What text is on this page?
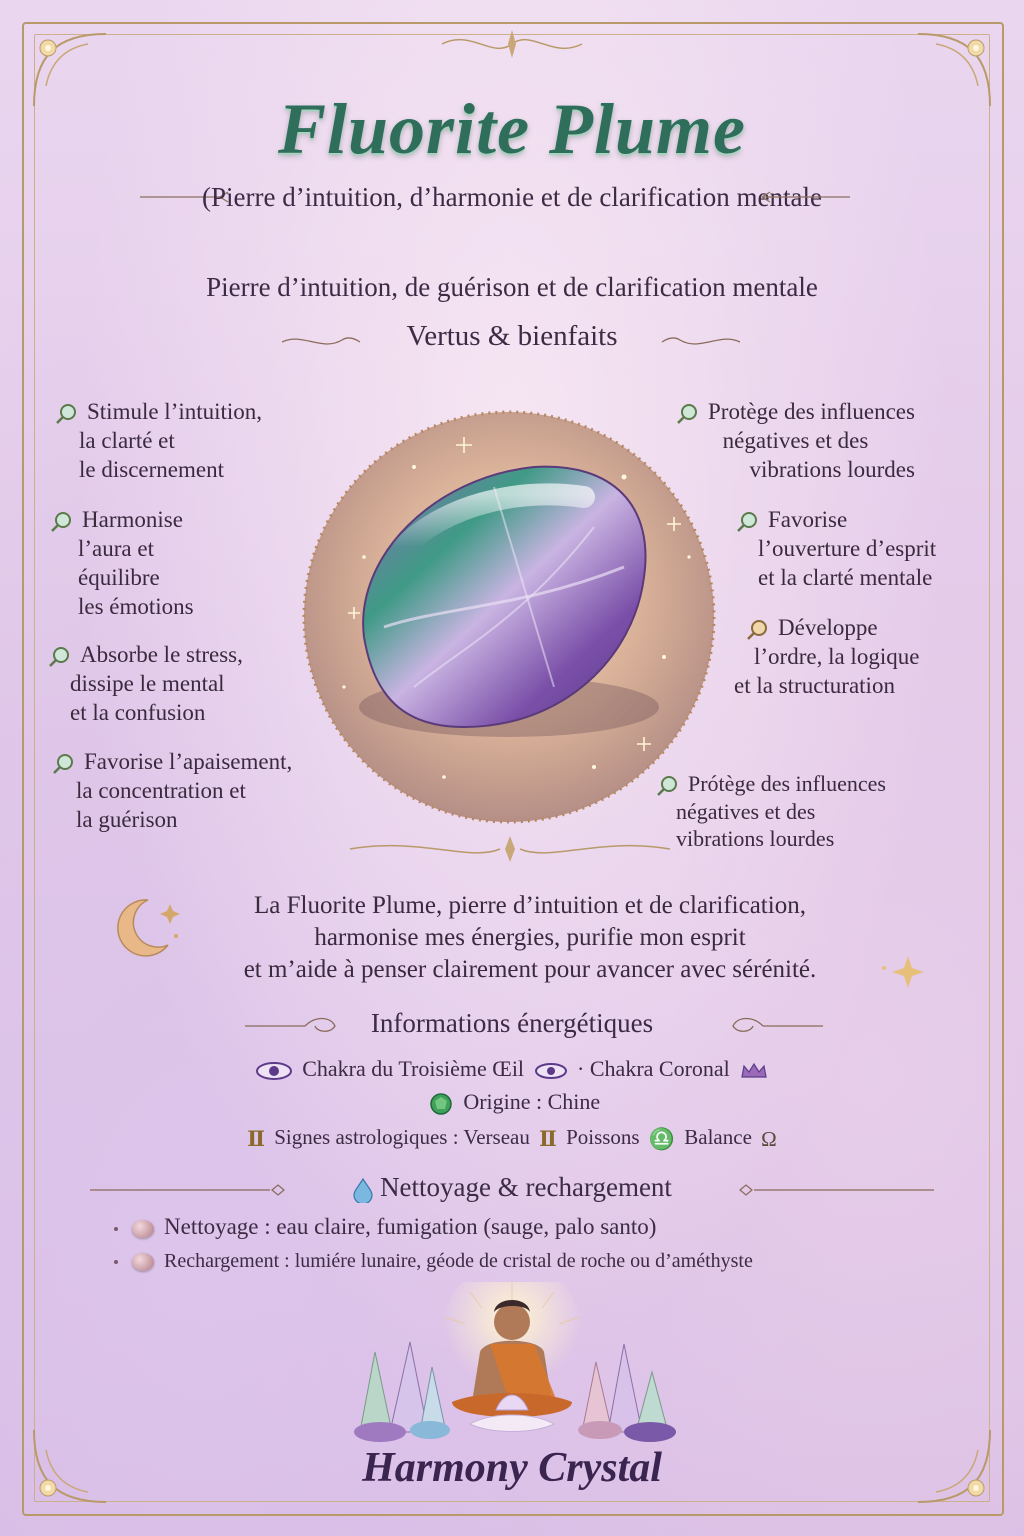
Fluorite Plume
(Pierre d’intuition, d’harmonie et de clarification mentale
Pierre d’intuition, de guérison et de clarification mentale
Vertus & bienfaits
Stimule l’intuition,
la clarté et
le discernement
Harmonise
l’aura et
équilibre
les émotions
Absorbe le stress,
dissipe le mental
et la confusion
Favorise l’apaisement,
la concentration et
la guérison
Protège des influences
négatives et des
vibrations lourdes
Favorise
l’ouverture d’esprit
et la clarté mentale
Développe
l’ordre, la logique
et la structuration
Prótège des influences
négatives et des
vibrations lourdes
La Fluorite Plume, pierre d’intuition et de clarification,
harmonise mes énergies, purifie mon esprit
et m’aide à penser clairement pour avancer avec sérénité.
Informations énergétiques
Chakra du Troisième Œil · Chakra Coronal
Origine : Chine
Ⅱ Signes astrologiques : Verseau Ⅱ Poissons ♎ Balance Ω
Nettoyage & rechargement
Nettoyage : eau claire, fumigation (sauge, palo santo)
Rechargement : lumiére lunaire, géode de cristal de roche ou d’améthyste
Harmony Crystal
